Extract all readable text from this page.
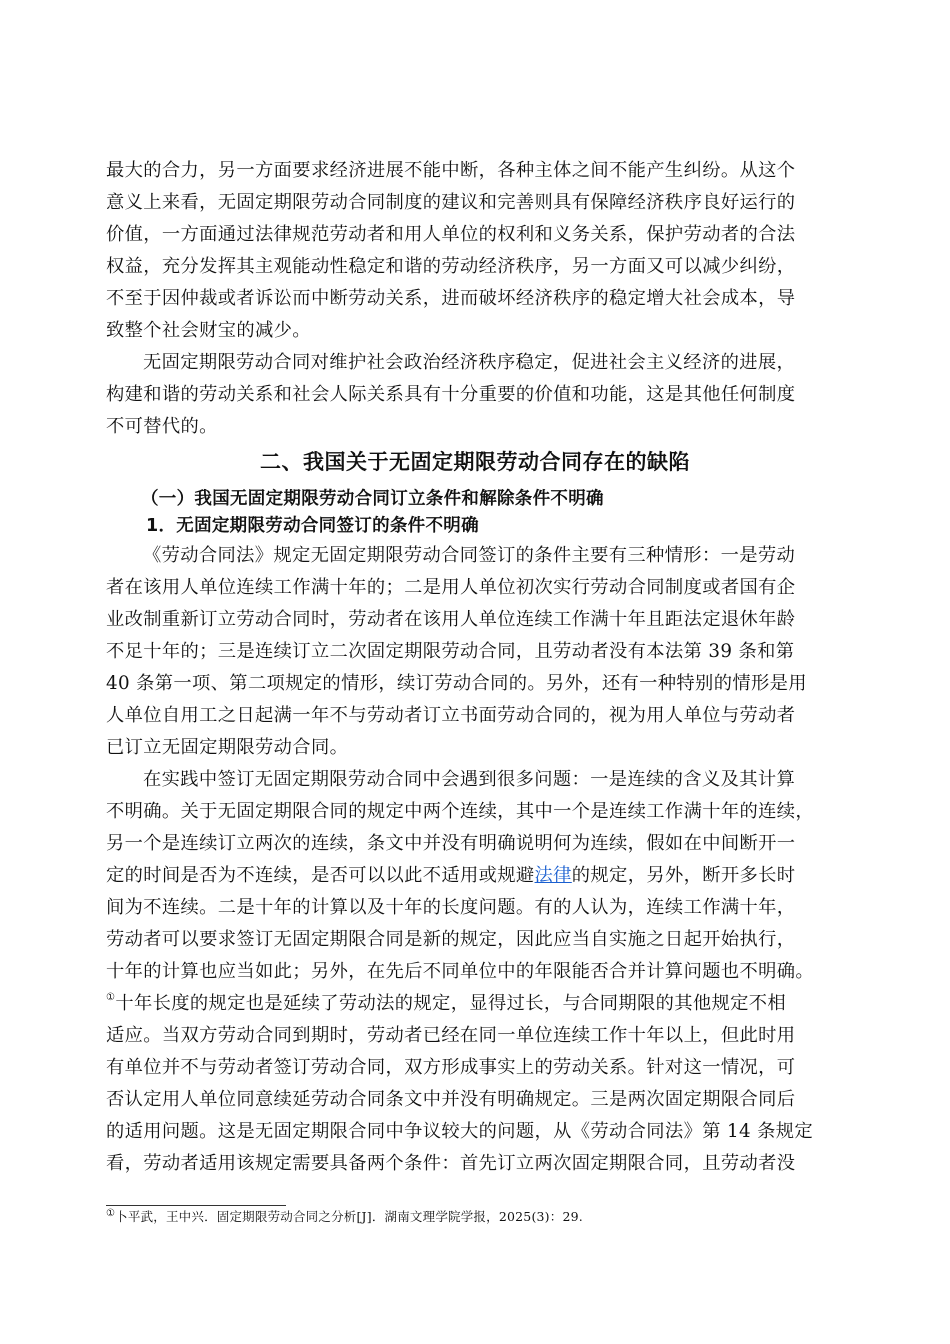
最大的合力，另一方面要求经济进展不能中断，各种主体之间不能产生纠纷。从这个
意义上来看，无固定期限劳动合同制度的建议和完善则具有保障经济秩序良好运行的
价值，一方面通过法律规范劳动者和用人单位的权利和义务关系，保护劳动者的合法
权益，充分发挥其主观能动性稳定和谐的劳动经济秩序，另一方面又可以减少纠纷，
不至于因仲裁或者诉讼而中断劳动关系，进而破坏经济秩序的稳定增大社会成本，导
致整个社会财宝的减少。
无固定期限劳动合同对维护社会政治经济秩序稳定，促进社会主义经济的进展，
构建和谐的劳动关系和社会人际关系具有十分重要的价值和功能，这是其他任何制度
不可替代的。
二、我国关于无固定期限劳动合同存在的缺陷
（一）我国无固定期限劳动合同订立条件和解除条件不明确
1．无固定期限劳动合同签订的条件不明确
《劳动合同法》规定无固定期限劳动合同签订的条件主要有三种情形：一是劳动
者在该用人单位连续工作满十年的；二是用人单位初次实行劳动合同制度或者国有企
业改制重新订立劳动合同时，劳动者在该用人单位连续工作满十年且距法定退休年龄
不足十年的；三是连续订立二次固定期限劳动合同，且劳动者没有本法第 39 条和第
40 条第一项、第二项规定的情形，续订劳动合同的。另外，还有一种特别的情形是用
人单位自用工之日起满一年不与劳动者订立书面劳动合同的，视为用人单位与劳动者
已订立无固定期限劳动合同。
在实践中签订无固定期限劳动合同中会遇到很多问题：一是连续的含义及其计算
不明确。关于无固定期限合同的规定中两个连续，其中一个是连续工作满十年的连续，
另一个是连续订立两次的连续，条文中并没有明确说明何为连续，假如在中间断开一
定的时间是否为不连续，是否可以以此不适用或规避法律的规定，另外，断开多长时
间为不连续。二是十年的计算以及十年的长度问题。有的人认为，连续工作满十年，
劳动者可以要求签订无固定期限合同是新的规定，因此应当自实施之日起开始执行，
十年的计算也应当如此；另外，在先后不同单位中的年限能否合并计算问题也不明确。
①十年长度的规定也是延续了劳动法的规定，显得过长，与合同期限的其他规定不相
适应。当双方劳动合同到期时，劳动者已经在同一单位连续工作十年以上，但此时用
有单位并不与劳动者签订劳动合同，双方形成事实上的劳动关系。针对这一情况，可
否认定用人单位同意续延劳动合同条文中并没有明确规定。三是两次固定期限合同后
的适用问题。这是无固定期限合同中争议较大的问题，从《劳动合同法》第 14 条规定
看，劳动者适用该规定需要具备两个条件：首先订立两次固定期限合同，且劳动者没
①卜平武，王中兴．固定期限劳动合同之分析[J]．湖南文理学院学报，2025(3)：29.
